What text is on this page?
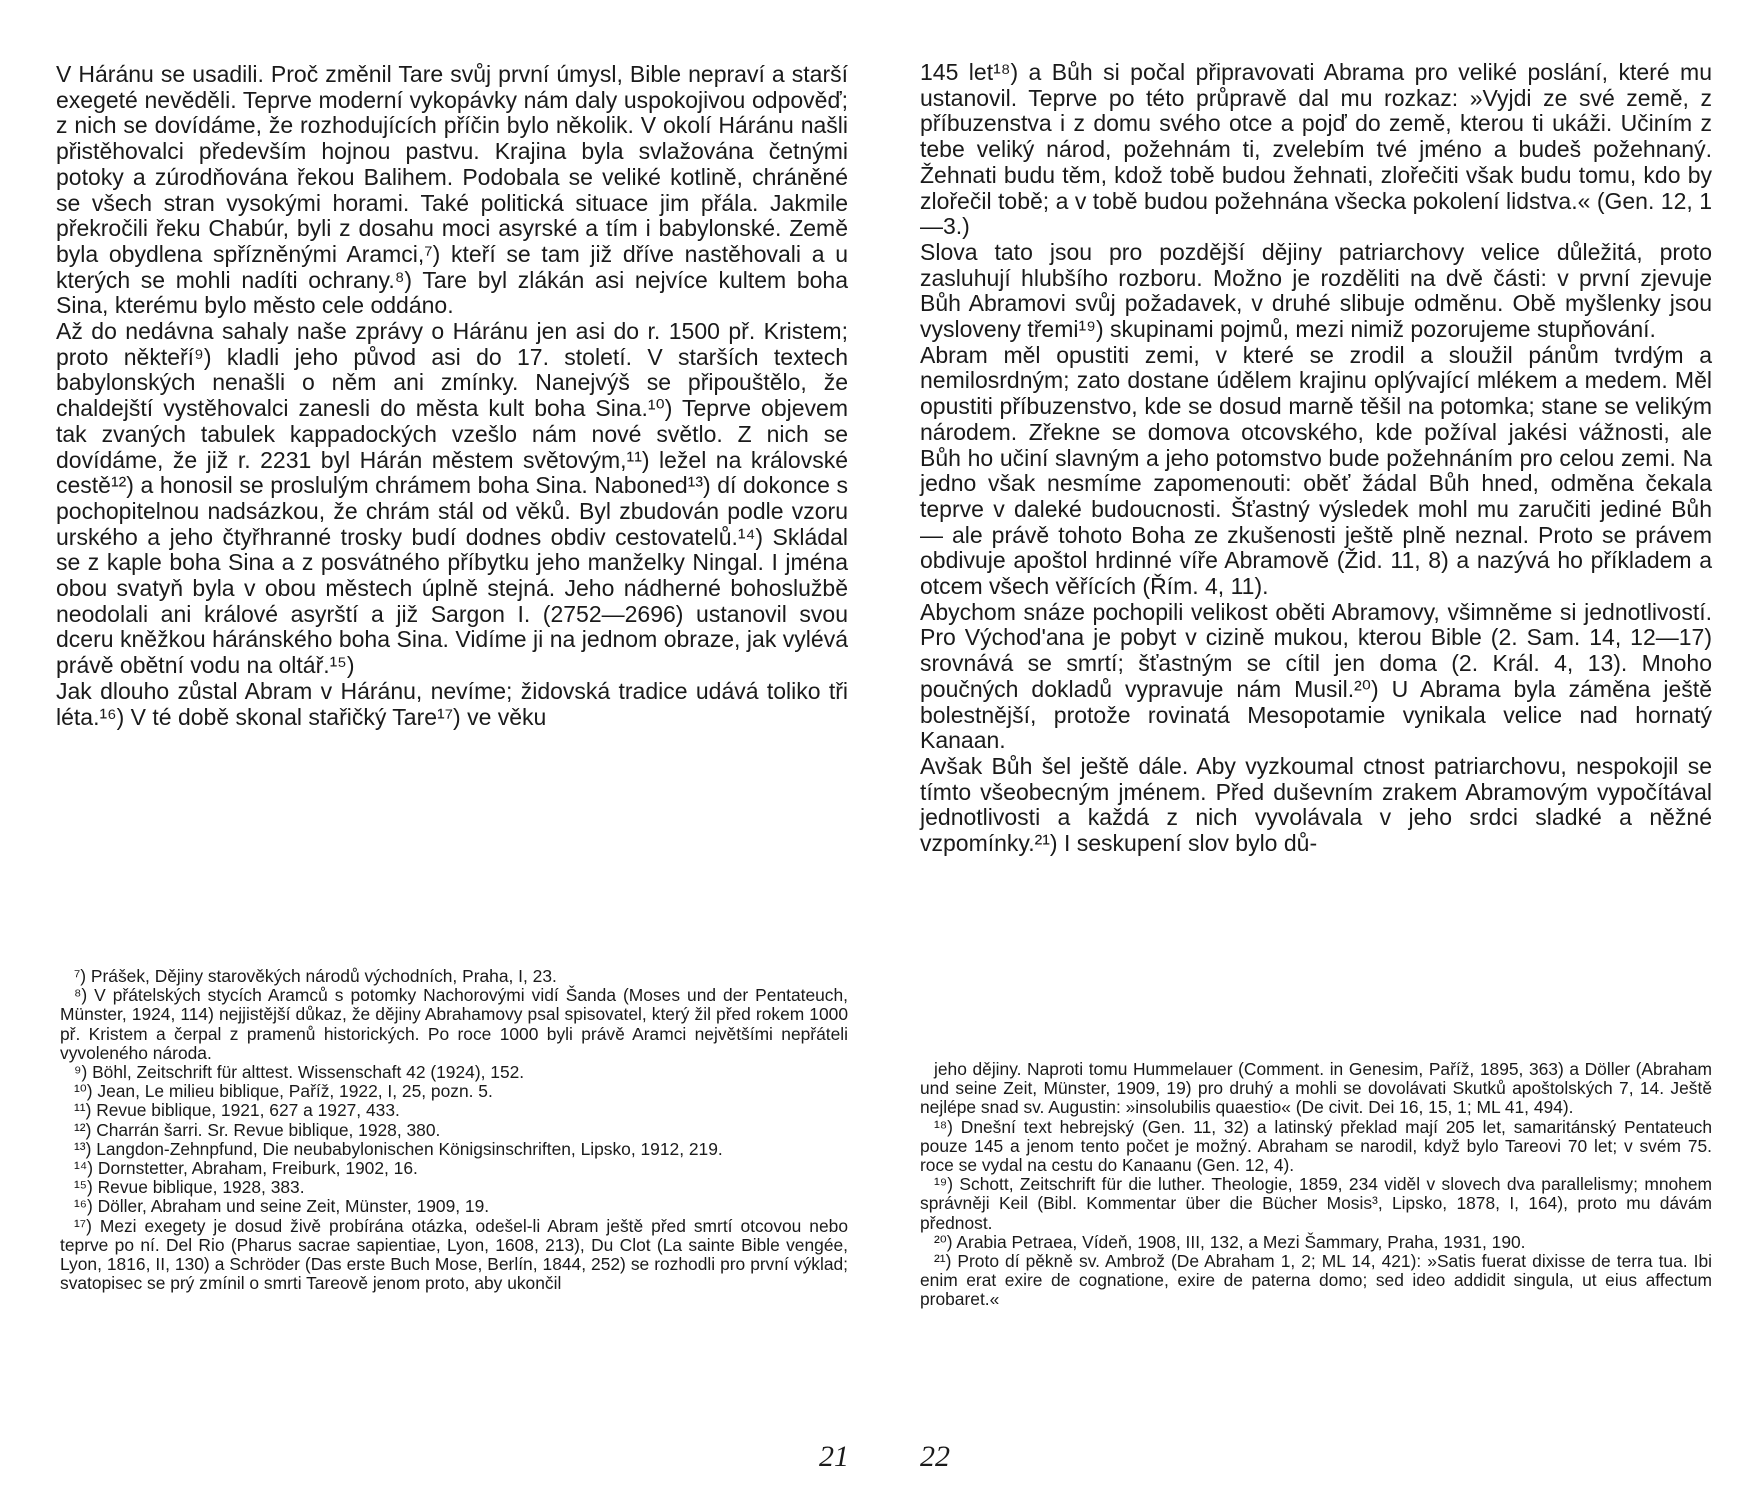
V Háránu se usadili. Proč změnil Tare svůj první úmysl, Bible nepraví a starší exegeté nevěděli. Teprve moderní vykopávky nám daly uspokojivou odpověď; z nich se dovídáme, že rozhodujících příčin bylo několik. V okolí Háránu našli přistěhovalci především hojnou pastvu. Krajina byla svlažována četnými potoky a zúrodňována řekou Balihem. Podobala se veliké kotlině, chráněné se všech stran vysokými horami. Také politická situace jim přála. Jakmile překročili řeku Chabúr, byli z dosahu moci asyrské a tím i babylonské. Země byla obydlena spřízněnými Aramci,⁷) kteří se tam již dříve nastěhovali a u kterých se mohli nadíti ochrany.⁸) Tare byl zlákán asi nejvíce kultem boha Sina, kterému bylo město cele oddáno.

Až do nedávna sahaly naše zprávy o Háránu jen asi do r. 1500 př. Kristem; proto někteří⁹) kladli jeho původ asi do 17. století. V starších textech babylonských nenašli o něm ani zmínky. Nanejvýš se připouštělo, že chaldejští vystěhovalci zanesli do města kult boha Sina.¹⁰) Teprve objevem tak zvaných tabulek kappadockých vzešlo nám nové světlo. Z nich se dovídáme, že již r. 2231 byl Hárán městem světovým,¹¹) ležel na královské cestě¹²) a honosil se proslulým chrámem boha Sina. Naboned¹³) dí dokonce s pochopitelnou nadsázkou, že chrám stál od věků. Byl zbudován podle vzoru urského a jeho čtyřhranné trosky budí dodnes obdiv cestovatelů.¹⁴) Skládal se z kaple boha Sina a z posvátného příbytku jeho manželky Ningal. I jména obou svatyň byla v obou městech úplně stejná. Jeho nádherné bohoslužbě neodolali ani králové asyrští a již Sargon I. (2752—2696) ustanovil svou dceru kněžkou háránského boha Sina. Vidíme ji na jednom obraze, jak vylévá právě obětní vodu na oltář.¹⁵)

Jak dlouho zůstal Abram v Háránu, nevíme; židovská tradice udává toliko tři léta.¹⁶) V té době skonal stařičký Tare¹⁷) ve věku

⁷) Prášek, Dějiny starověkých národů východních, Praha, I, 23.

⁸) V přátelských stycích Aramců s potomky Nachorovými vidí Šanda (Moses und der Pentateuch, Münster, 1924, 114) nejjistější důkaz, že dějiny Abrahamovy psal spisovatel, který žil před rokem 1000 př. Kristem a čerpal z pramenů historických. Po roce 1000 byli právě Aramci největšími nepřáteli vyvoleného národa.

⁹) Böhl, Zeitschrift für alttest. Wissenschaft 42 (1924), 152.

¹⁰) Jean, Le milieu biblique, Paříž, 1922, I, 25, pozn. 5.

¹¹) Revue biblique, 1921, 627 a 1927, 433.

¹²) Charrán šarri. Sr. Revue biblique, 1928, 380.

¹³) Langdon-Zehnpfund, Die neubabylonischen Königsinschriften, Lipsko, 1912, 219.

¹⁴) Dornstetter, Abraham, Freiburk, 1902, 16.

¹⁵) Revue biblique, 1928, 383.

¹⁶) Döller, Abraham und seine Zeit, Münster, 1909, 19.

¹⁷) Mezi exegety je dosud živě probírána otázka, odešel-li Abram ještě před smrtí otcovou nebo teprve po ní. Del Rio (Pharus sacrae sapientiae, Lyon, 1608, 213), Du Clot (La sainte Bible vengée, Lyon, 1816, II, 130) a Schröder (Das erste Buch Mose, Berlín, 1844, 252) se rozhodli pro první výklad; svatopisec se prý zmínil o smrti Tareově jenom proto, aby ukončil

21

145 let¹⁸) a Bůh si počal připravovati Abrama pro veliké poslání, které mu ustanovil. Teprve po této průpravě dal mu rozkaz: »Vyjdi ze své země, z příbuzenstva i z domu svého otce a pojď do země, kterou ti ukáži. Učiním z tebe veliký národ, požehnám ti, zvelebím tvé jméno a budeš požehnaný. Žehnati budu těm, kdož tobě budou žehnati, zlořečiti však budu tomu, kdo by zlořečil tobě; a v tobě budou požehnána všecka pokolení lidstva.« (Gen. 12, 1—3.)

Slova tato jsou pro pozdější dějiny patriarchovy velice důležitá, proto zasluhují hlubšího rozboru. Možno je rozděliti na dvě části: v první zjevuje Bůh Abramovi svůj požadavek, v druhé slibuje odměnu. Obě myšlenky jsou vysloveny třemi¹⁹) skupinami pojmů, mezi nimiž pozorujeme stupňování.

Abram měl opustiti zemi, v které se zrodil a sloužil pánům tvrdým a nemilosrdným; zato dostane údělem krajinu oplývající mlékem a medem. Měl opustiti příbuzenstvo, kde se dosud marně těšil na potomka; stane se velikým národem. Zřekne se domova otcovského, kde požíval jakési vážnosti, ale Bůh ho učiní slavným a jeho potomstvo bude požehnáním pro celou zemi. Na jedno však nesmíme zapomenouti: oběť žádal Bůh hned, odměna čekala teprve v daleké budoucnosti. Šťastný výsledek mohl mu zaručiti jediné Bůh — ale právě tohoto Boha ze zkušenosti ještě plně neznal. Proto se právem obdivuje apoštol hrdinné víře Abramově (Žid. 11, 8) a nazývá ho příkladem a otcem všech věřících (Řím. 4, 11).

Abychom snáze pochopili velikost oběti Abramovy, všimněme si jednotlivostí. Pro Východ'ana je pobyt v cizině mukou, kterou Bible (2. Sam. 14, 12—17) srovnává se smrtí; šťastným se cítil jen doma (2. Král. 4, 13). Mnoho poučných dokladů vypravuje nám Musil.²⁰) U Abrama byla záměna ještě bolestnější, protože rovinatá Mesopotamie vynikala velice nad hornatý Kanaan.

Avšak Bůh šel ještě dále. Aby vyzkoumal ctnost patriarchovu, nespokojil se tímto všeobecným jménem. Před duševním zrakem Abramovým vypočítával jednotlivosti a každá z nich vyvolávala v jeho srdci sladké a něžné vzpomínky.²¹) I seskupení slov bylo dů-

jeho dějiny. Naproti tomu Hummelauer (Comment. in Genesim, Paříž, 1895, 363) a Döller (Abraham und seine Zeit, Münster, 1909, 19) pro druhý a mohli se dovolávati Skutků apoštolských 7, 14. Ještě nejlépe snad sv. Augustin: »insolubilis quaestio« (De civit. Dei 16, 15, 1; ML 41, 494).

¹⁸) Dnešní text hebrejský (Gen. 11, 32) a latinský překlad mají 205 let, samaritánský Pentateuch pouze 145 a jenom tento počet je možný. Abraham se narodil, když bylo Tareovi 70 let; v svém 75. roce se vydal na cestu do Kanaanu (Gen. 12, 4).

¹⁹) Schott, Zeitschrift für die luther. Theologie, 1859, 234 viděl v slovech dva parallelismy; mnohem správněji Keil (Bibl. Kommentar über die Bücher Mosis³, Lipsko, 1878, I, 164), proto mu dávám přednost.

²⁰) Arabia Petraea, Vídeň, 1908, III, 132, a Mezi Šammary, Praha, 1931, 190.

²¹) Proto dí pěkně sv. Ambrož (De Abraham 1, 2; ML 14, 421): »Satis fuerat dixisse de terra tua. Ibi enim erat exire de cognatione, exire de paterna domo; sed ideo addidit singula, ut eius affectum probaret.«

22
